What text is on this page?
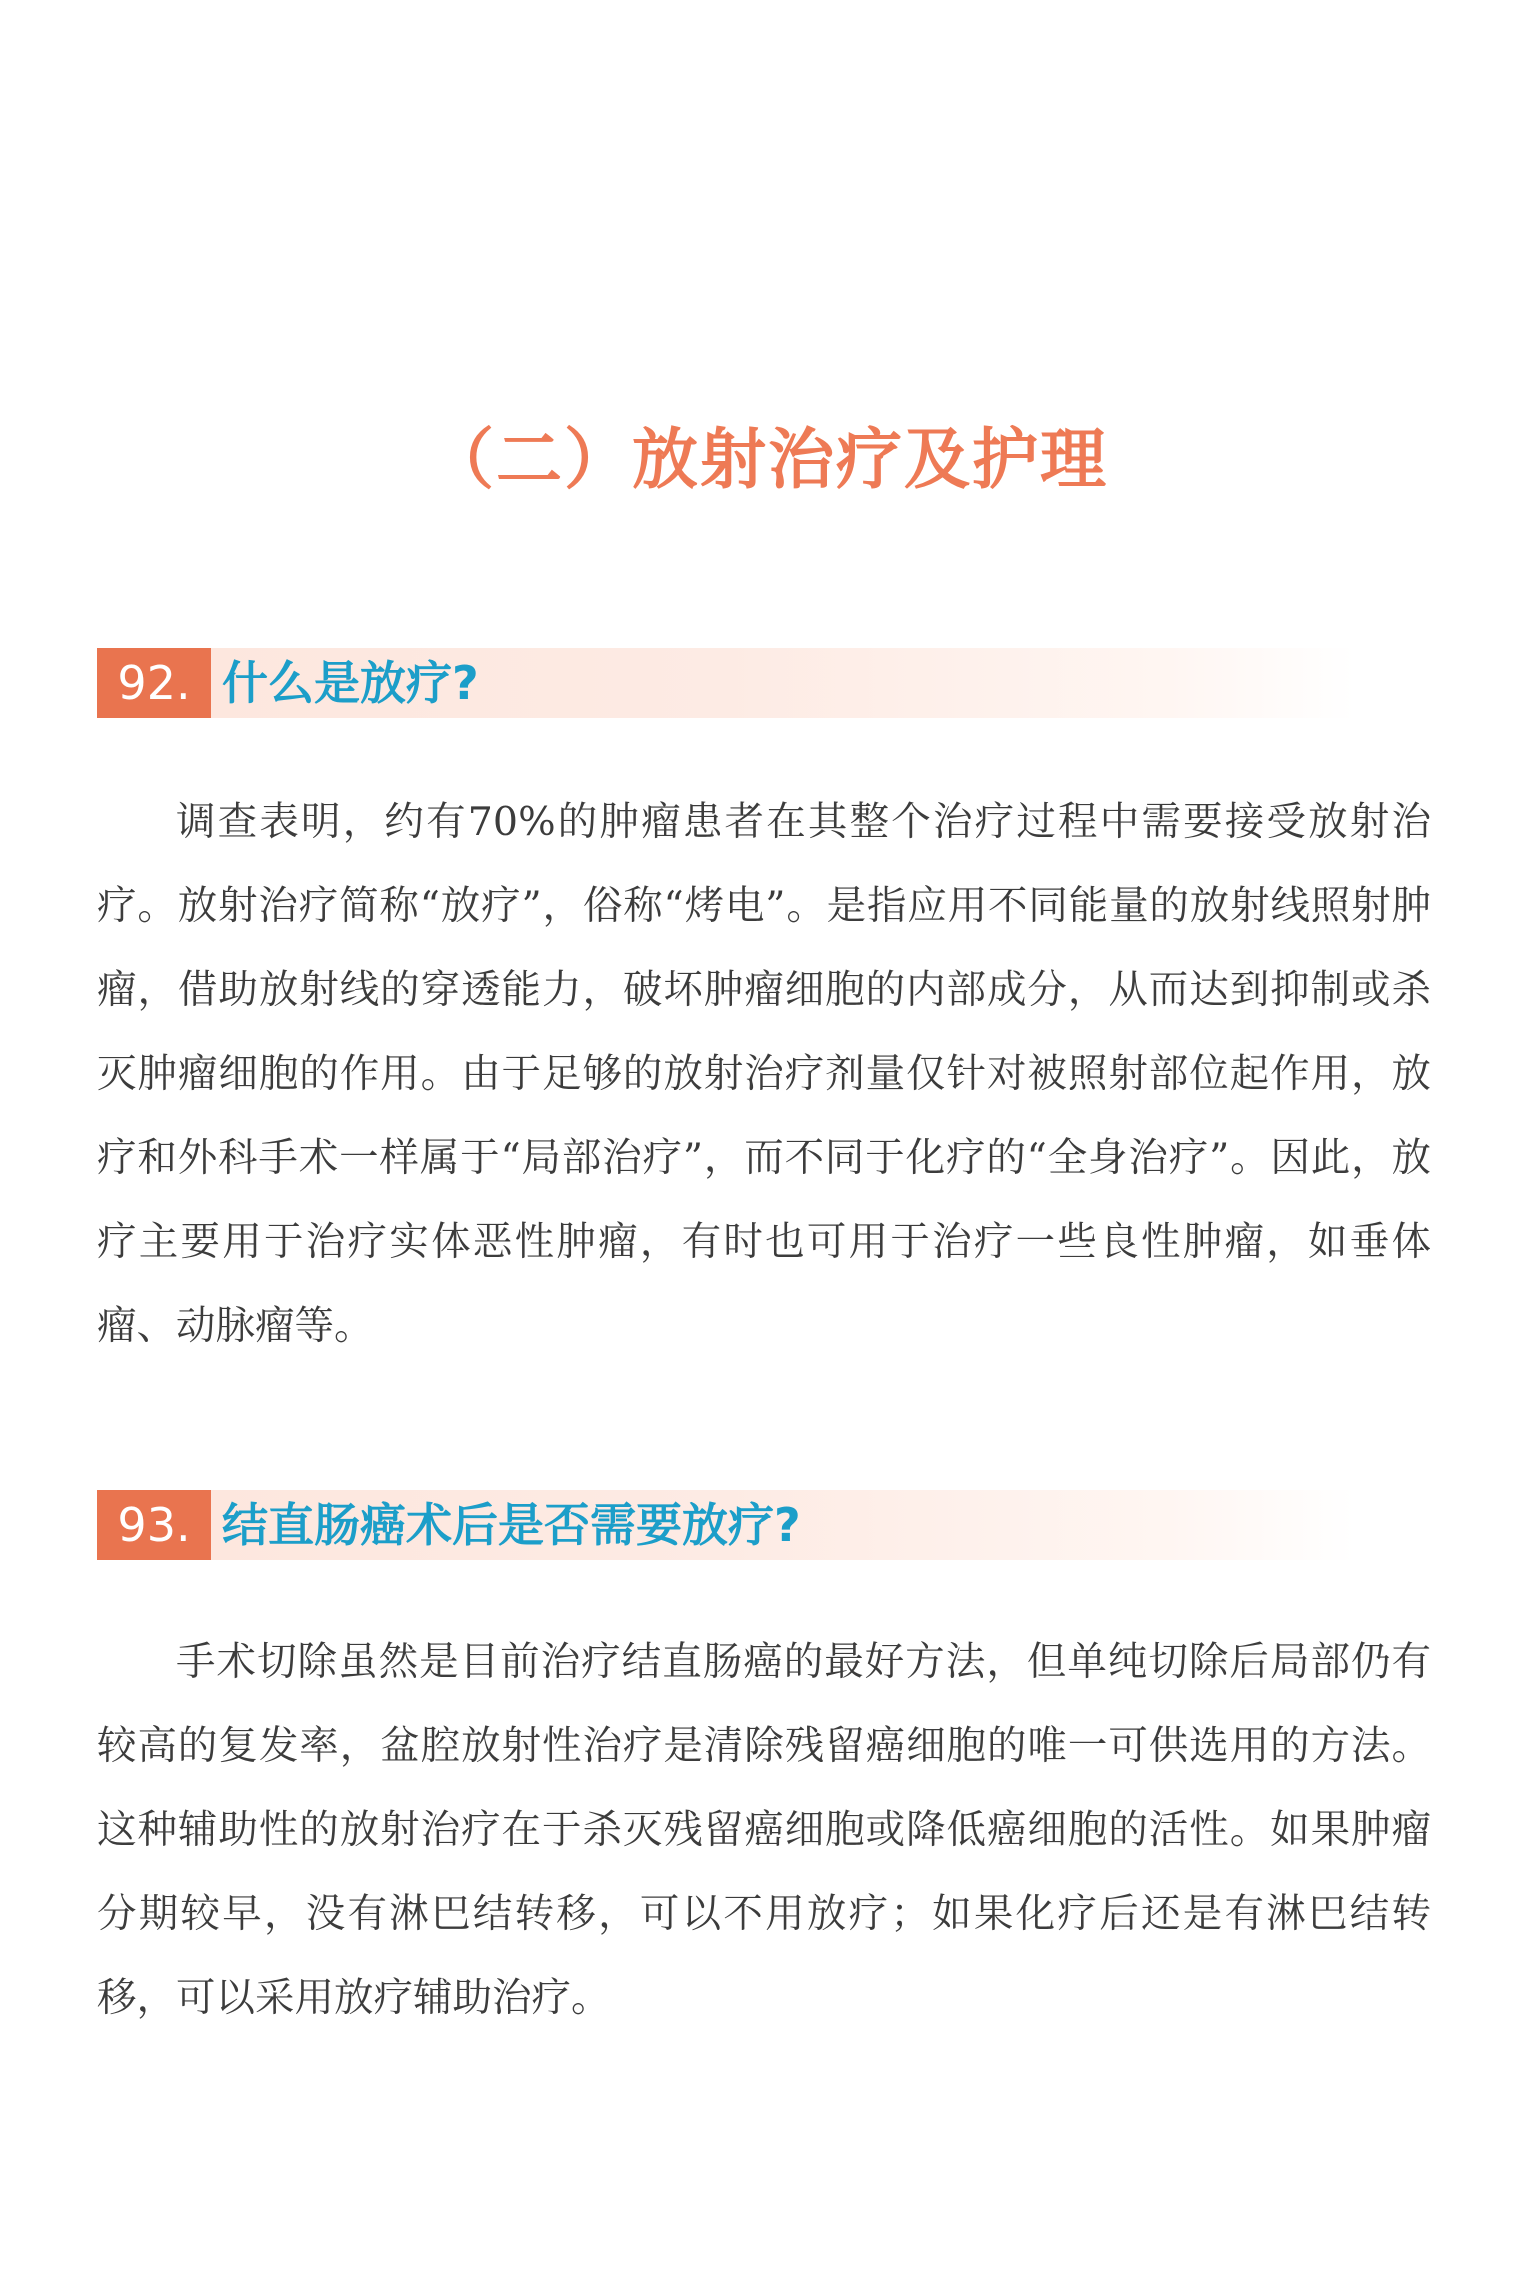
（二）放射治疗及护理
92. 什么是放疗?

调查表明，约有70%的肿瘤患者在其整个治疗过程中需要接受放射治疗。放射治疗简称“放疗”，俗称“烤电”。是指应用不同能量的放射线照射肿瘤，借助放射线的穿透能力，破坏肿瘤细胞的内部成分，从而达到抑制或杀灭肿瘤细胞的作用。由于足够的放射治疗剂量仅针对被照射部位起作用，放疗和外科手术一样属于“局部治疗”，而不同于化疗的“全身治疗”。因此，放疗主要用于治疗实体恶性肿瘤，有时也可用于治疗一些良性肿瘤，如垂体瘤、动脉瘤等。

93. 结直肠癌术后是否需要放疗?

手术切除虽然是目前治疗结直肠癌的最好方法，但单纯切除后局部仍有较高的复发率，盆腔放射性治疗是清除残留癌细胞的唯一可供选用的方法。这种辅助性的放射治疗在于杀灭残留癌细胞或降低癌细胞的活性。如果肿瘤分期较早，没有淋巴结转移，可以不用放疗；如果化疗后还是有淋巴结转移，可以采用放疗辅助治疗。
